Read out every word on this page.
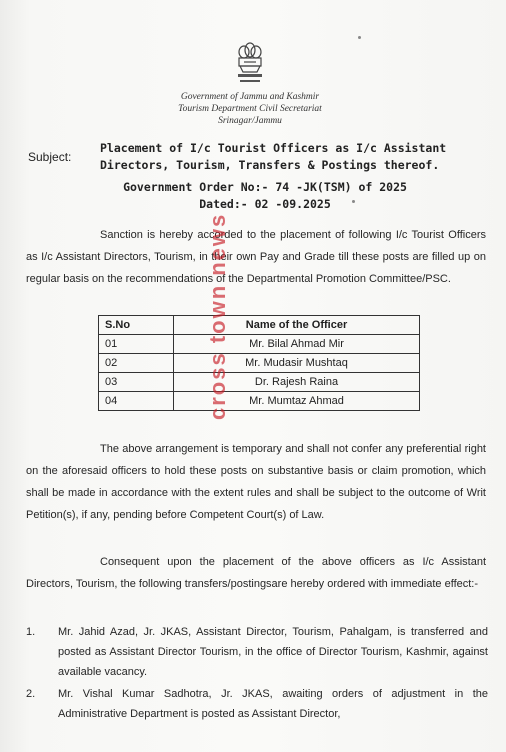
Government of Jammu and Kashmir
Tourism Department Civil Secretariat
Srinagar/Jammu
Subject:
Placement of I/c Tourist Officers as I/c Assistant Directors, Tourism, Transfers & Postings thereof.
Government Order No:- 74 -JK(TSM) of 2025
Dated:- 02 -09.2025
Sanction is hereby accorded to the placement of following I/c Tourist Officers as I/c Assistant Directors, Tourism, in their own Pay and Grade till these posts are filled up on regular basis on the recommendations of the Departmental Promotion Committee/PSC.
S.No	Name of the Officer
01	Mr. Bilal Ahmad Mir
02	Mr. Mudasir Mushtaq
03	Dr. Rajesh Raina
04	Mr. Mumtaz Ahmad
The above arrangement is temporary and shall not confer any preferential right on the aforesaid officers to hold these posts on substantive basis or claim promotion, which shall be made in accordance with the extent rules and shall be subject to the outcome of Writ Petition(s), if any, pending before Competent Court(s) of Law.
Consequent upon the placement of the above officers as I/c Assistant Directors, Tourism, the following transfers/postingsare hereby ordered with immediate effect:-
1.	Mr. Jahid Azad, Jr. JKAS, Assistant Director, Tourism, Pahalgam, is transferred and posted as Assistant Director Tourism, in the office of Director Tourism, Kashmir, against available vacancy.
2.	Mr. Vishal Kumar Sadhotra, Jr. JKAS, awaiting orders of adjustment in the Administrative Department is posted as Assistant Director,
cross town news
